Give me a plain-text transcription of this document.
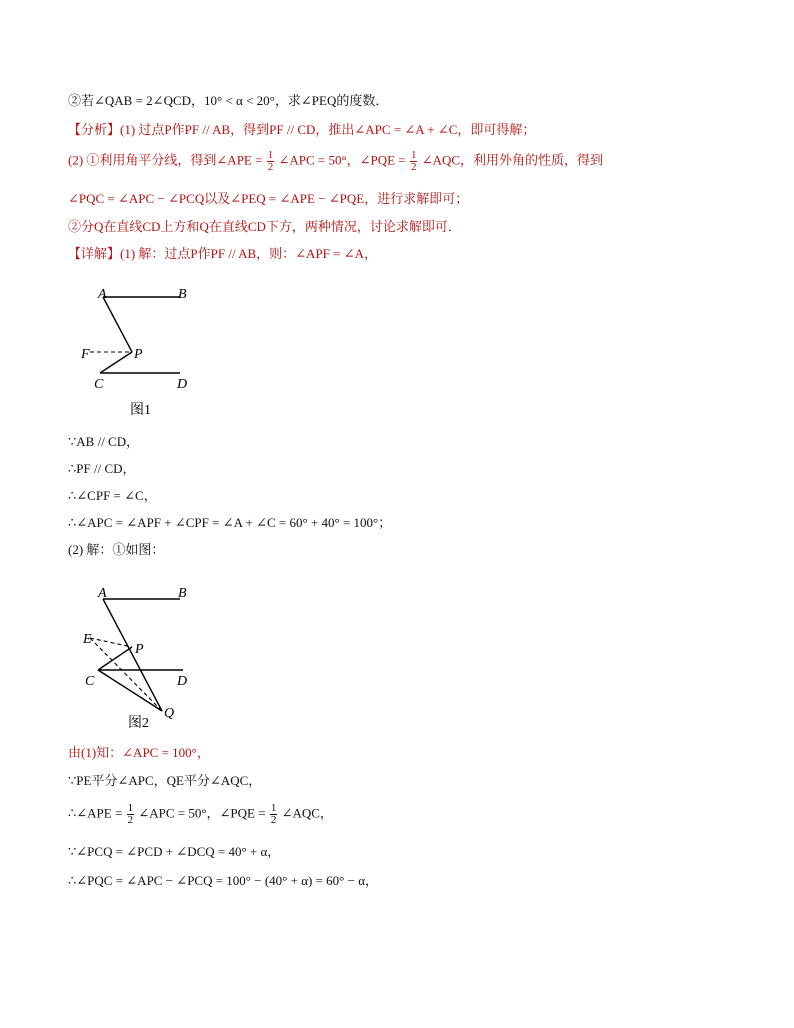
②若∠QAB = 2∠QCD，10° < α < 20°，求∠PEQ的度数．
【分析】(1) 过点P作PF // AB，得到PF // CD，推出∠APC = ∠A + ∠C，即可得解；
(2) ①利用角平分线，得到∠APE = $\frac{1}{2}$ ∠APC = 50°，∠PQE = $\frac{1}{2}$ ∠AQC，利用外角的性质，得到
∠PQC = ∠APC − ∠PCQ以及∠PEQ = ∠APE − ∠PQE，进行求解即可；
②分Q在直线CD上方和Q在直线CD下方，两种情况，讨论求解即可．
【详解】(1) 解：过点P作PF // AB，则：∠APF = ∠A，
A	B
F	P
C	D
图1
∵AB // CD，
∴PF // CD，
∴∠CPF = ∠C，
∴∠APC = ∠APF + ∠CPF = ∠A + ∠C = 60° + 40° = 100°；
(2) 解：①如图：
A	B
E
P
C	D
Q
图2
由(1)知：∠APC = 100°，
∵PE平分∠APC，QE平分∠AQC，
∴∠APE = $\frac{1}{2}$ ∠APC = 50°，∠PQE = $\frac{1}{2}$ ∠AQC，
∵∠PCQ = ∠PCD + ∠DCQ = 40° + α，
∴∠PQC = ∠APC − ∠PCQ = 100° − (40° + α) = 60° − α，
